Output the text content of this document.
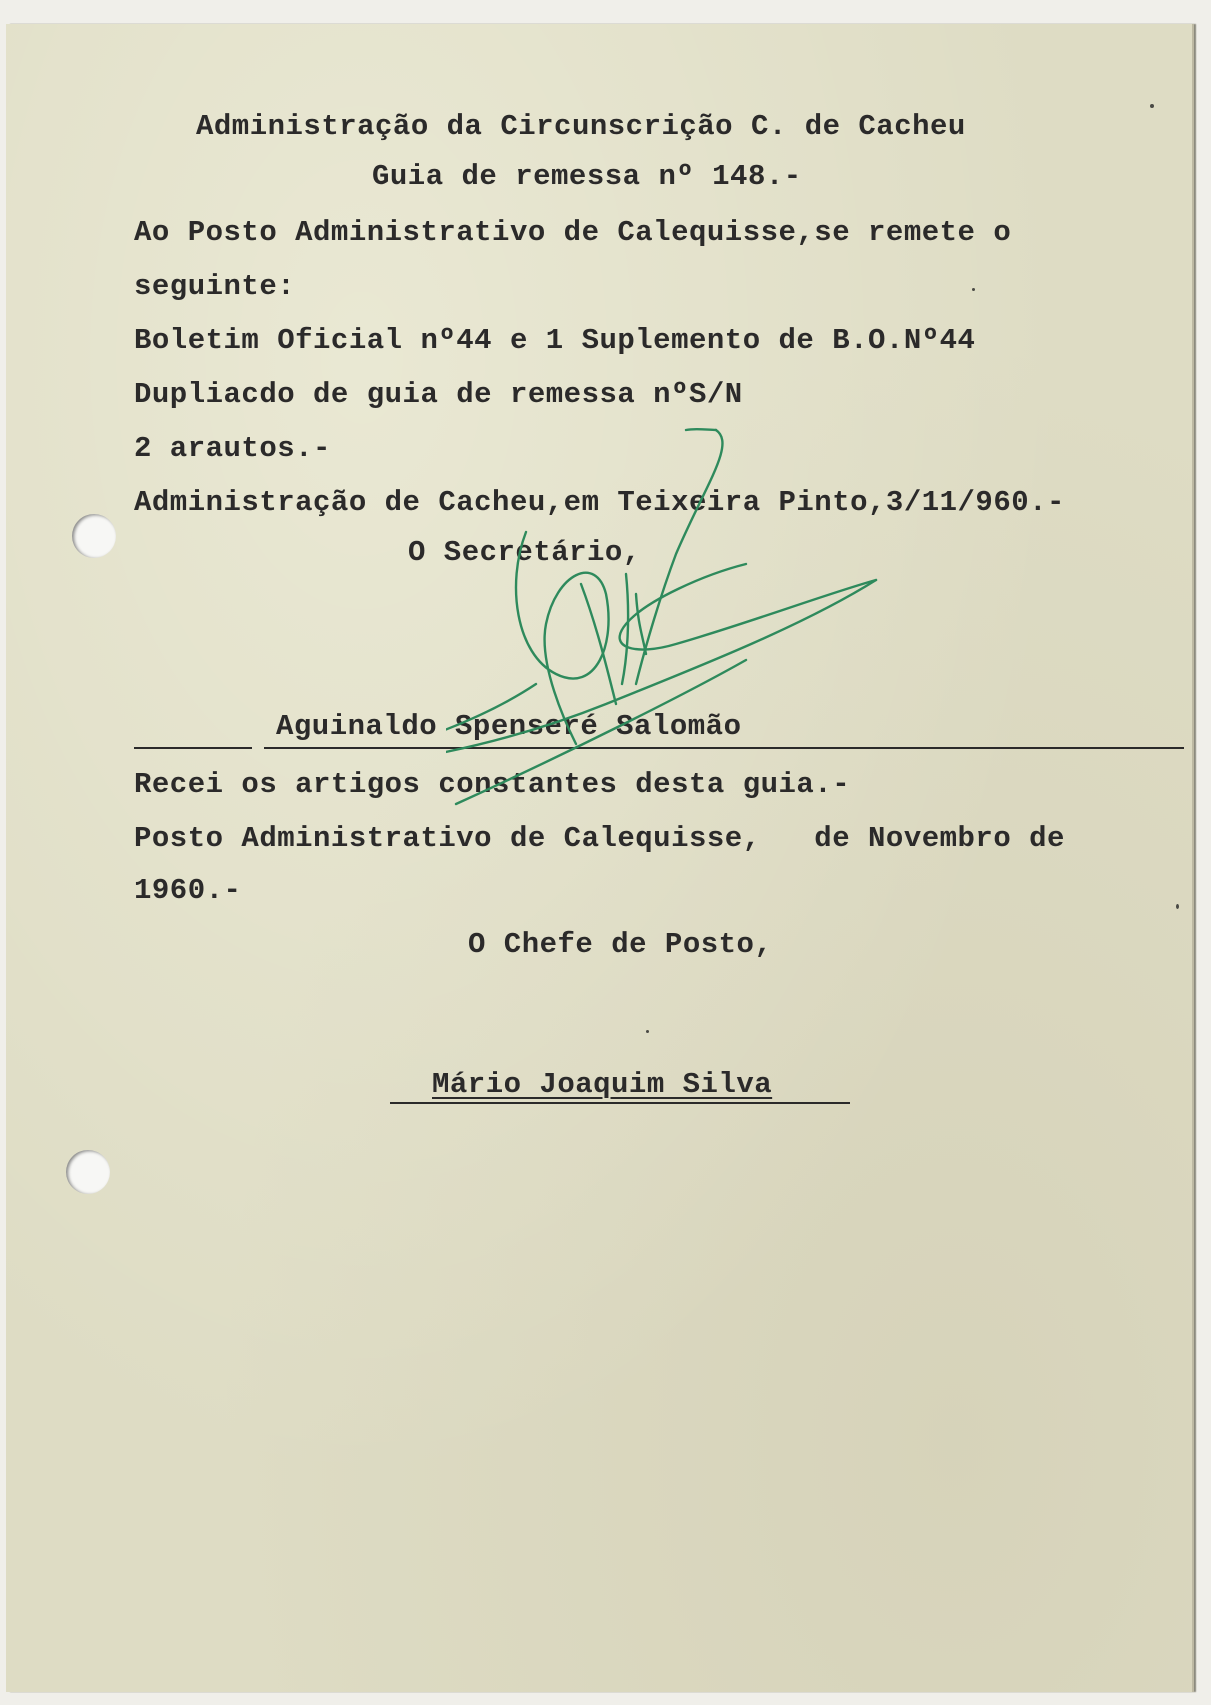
Administração da Circunscrição C. de Cacheu
Guia de remessa nº 148.-
Ao Posto Administrativo de Calequisse,se remete o
seguinte:
Boletim Oficial nº44 e 1 Suplemento de B.O.Nº44
Dupliacdo de guia de remessa nºS/N
2 arautos.-
Administração de Cacheu,em Teixeira Pinto,3/11/960.-
O Secretário,
Aguinaldo Spenseré Salomão
Recei os artigos constantes desta guia.-
Posto Administrativo de Calequisse,   de Novembro de
1960.-
O Chefe de Posto,
Mário Joaquim Silva
